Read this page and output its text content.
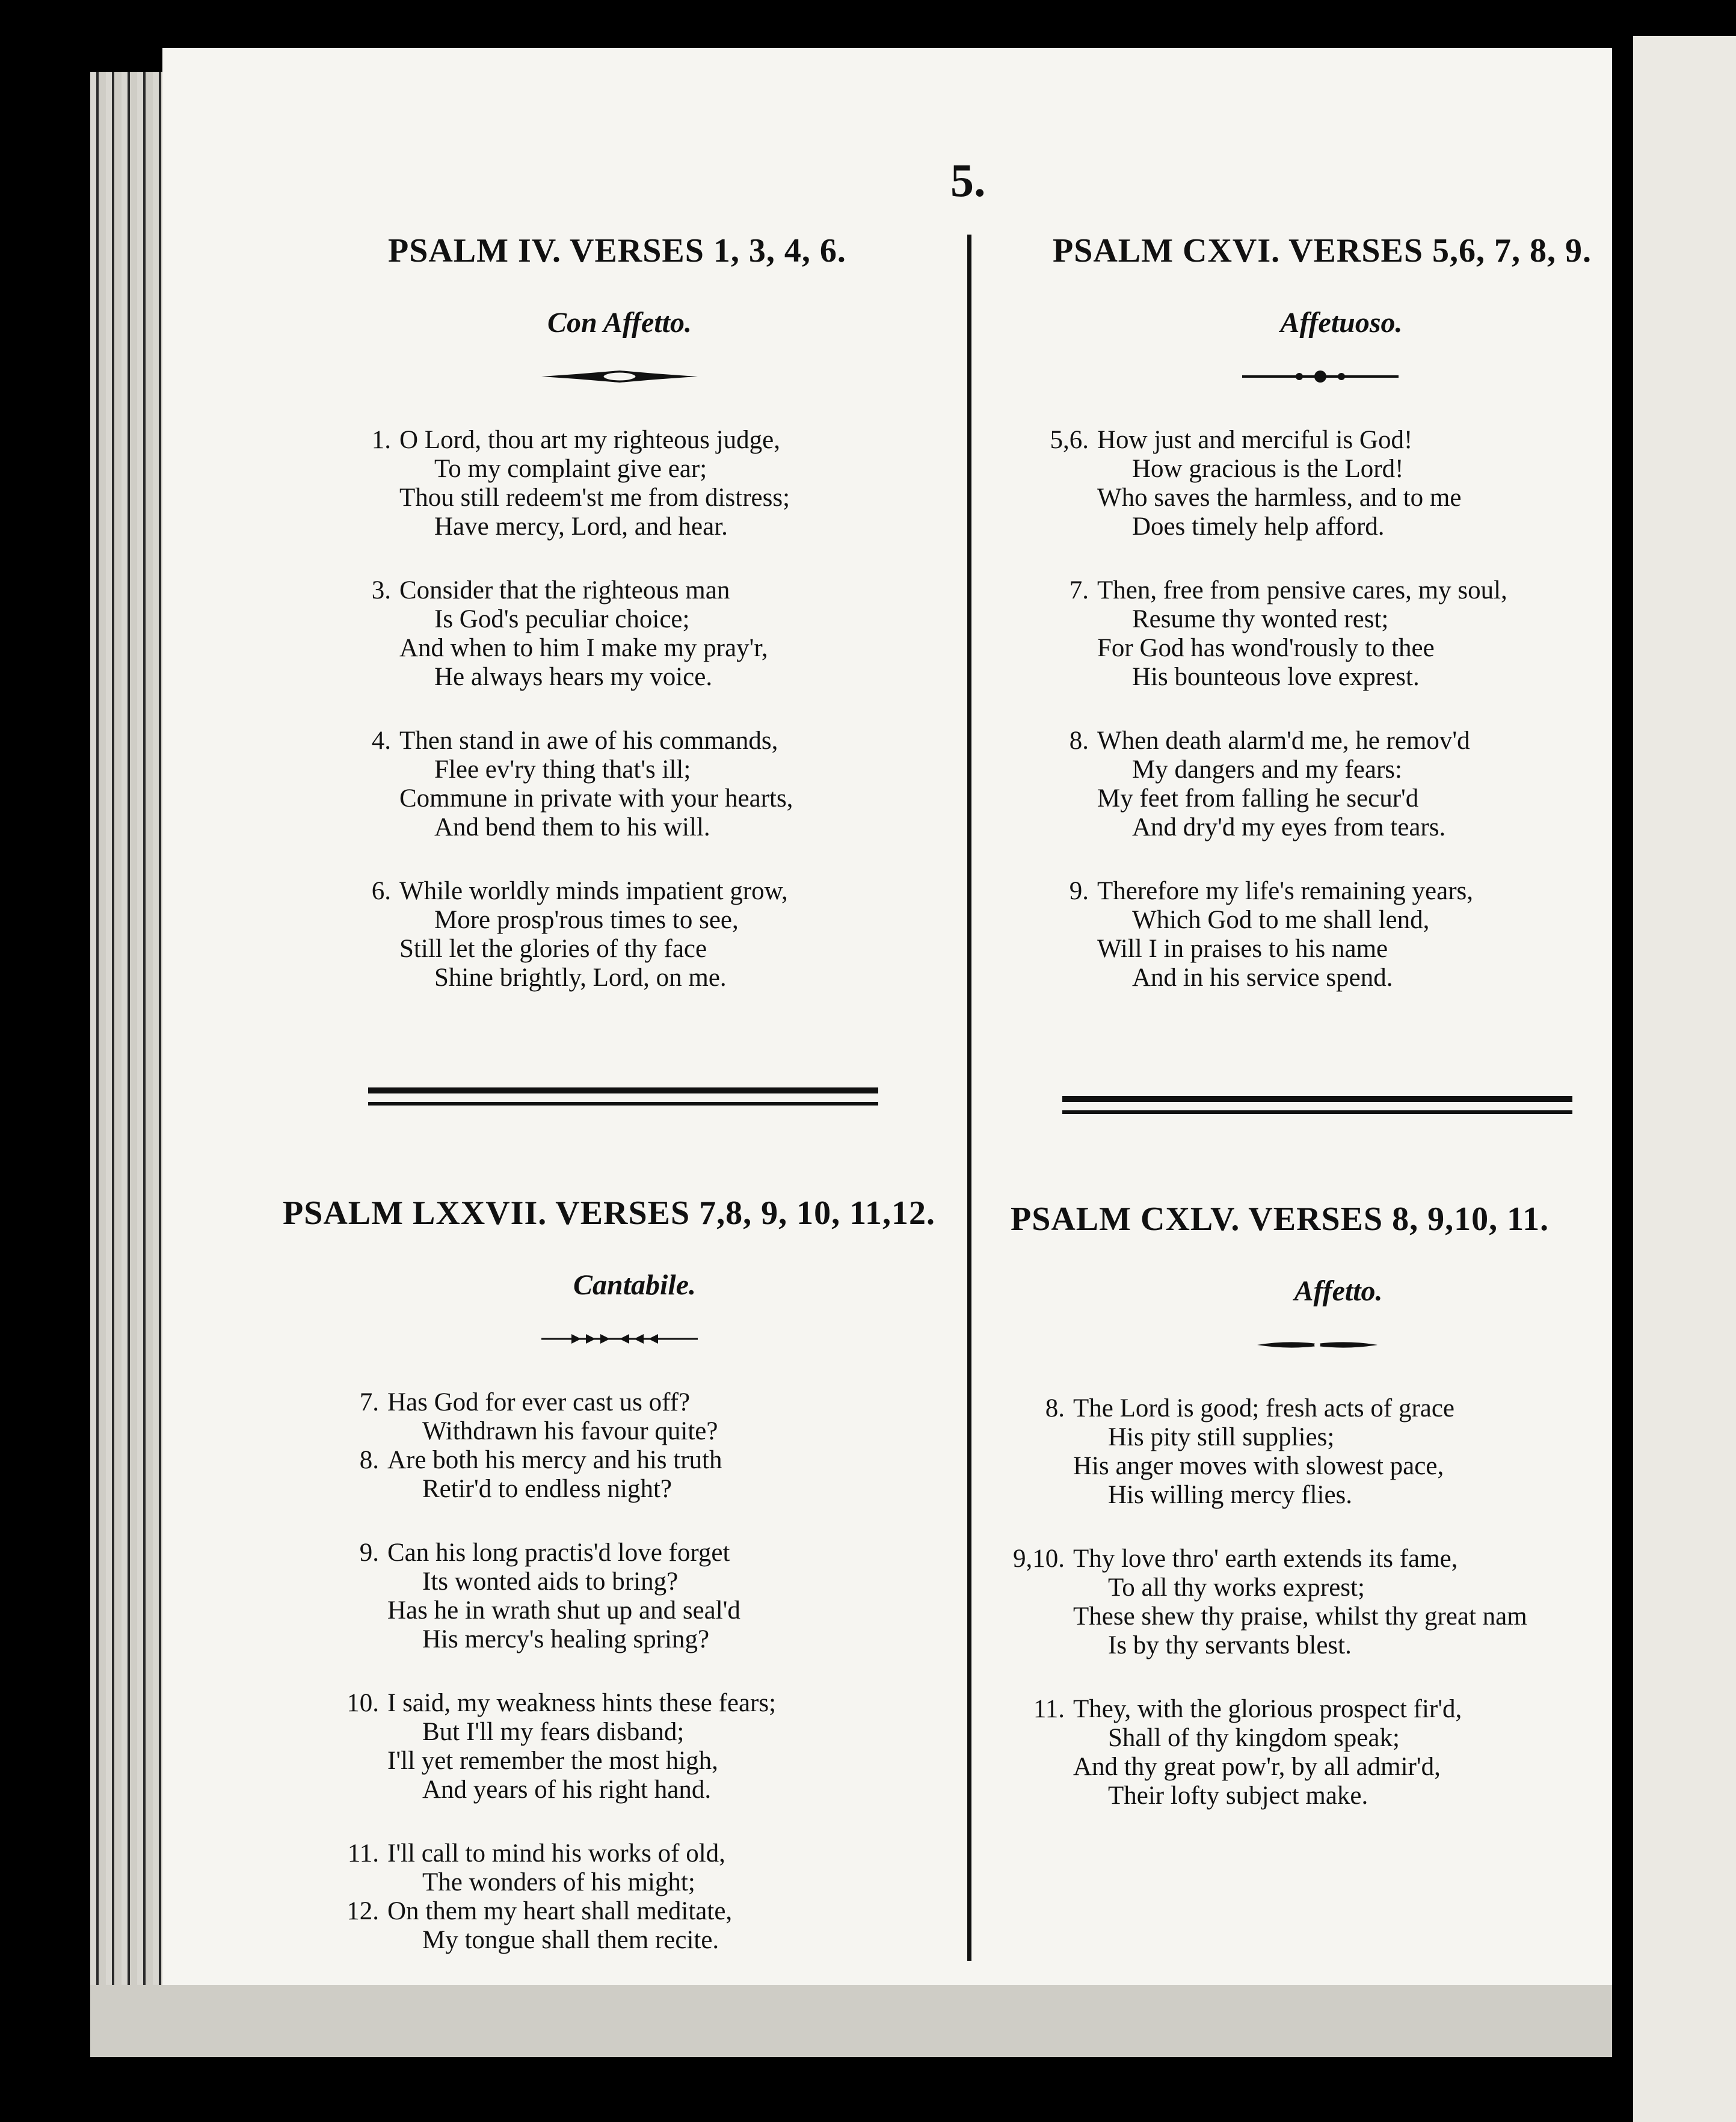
5.
PSALM IV. VERSES 1, 3, 4, 6.
Con Affetto.
1. O Lord, thou art my righteous judge,
To my complaint give ear;
Thou still redeem'st me from distress;
Have mercy, Lord, and hear.
3. Consider that the righteous man
Is God's peculiar choice;
And when to him I make my pray'r,
He always hears my voice.
4. Then stand in awe of his commands,
Flee ev'ry thing that's ill;
Commune in private with your hearts,
And bend them to his will.
6. While worldly minds impatient grow,
More prosp'rous times to see,
Still let the glories of thy face
Shine brightly, Lord, on me.
PSALM CXVI. VERSES 5,6, 7, 8, 9.
Affetuoso.
5,6. How just and merciful is God!
How gracious is the Lord!
Who saves the harmless, and to me
Does timely help afford.
7. Then, free from pensive cares, my soul,
Resume thy wonted rest;
For God has wond'rously to thee
His bounteous love exprest.
8. When death alarm'd me, he remov'd
My dangers and my fears:
My feet from falling he secur'd
And dry'd my eyes from tears.
9. Therefore my life's remaining years,
Which God to me shall lend,
Will I in praises to his name
And in his service spend.
PSALM LXXVII. VERSES 7,8, 9, 10, 11,12.
Cantabile.
7. Has God for ever cast us off?
Withdrawn his favour quite?
8. Are both his mercy and his truth
Retir'd to endless night?
9. Can his long practis'd love forget
Its wonted aids to bring?
Has he in wrath shut up and seal'd
His mercy's healing spring?
10. I said, my weakness hints these fears;
But I'll my fears disband;
I'll yet remember the most high,
And years of his right hand.
11. I'll call to mind his works of old,
The wonders of his might;
12. On them my heart shall meditate,
My tongue shall them recite.
PSALM CXLV. VERSES 8, 9,10, 11.
Affetto.
8. The Lord is good; fresh acts of grace
His pity still supplies;
His anger moves with slowest pace,
His willing mercy flies.
9,10. Thy love thro' earth extends its fame,
To all thy works exprest;
These shew thy praise, whilst thy great nam
Is by thy servants blest.
11. They, with the glorious prospect fir'd,
Shall of thy kingdom speak;
And thy great pow'r, by all admir'd,
Their lofty subject make.
